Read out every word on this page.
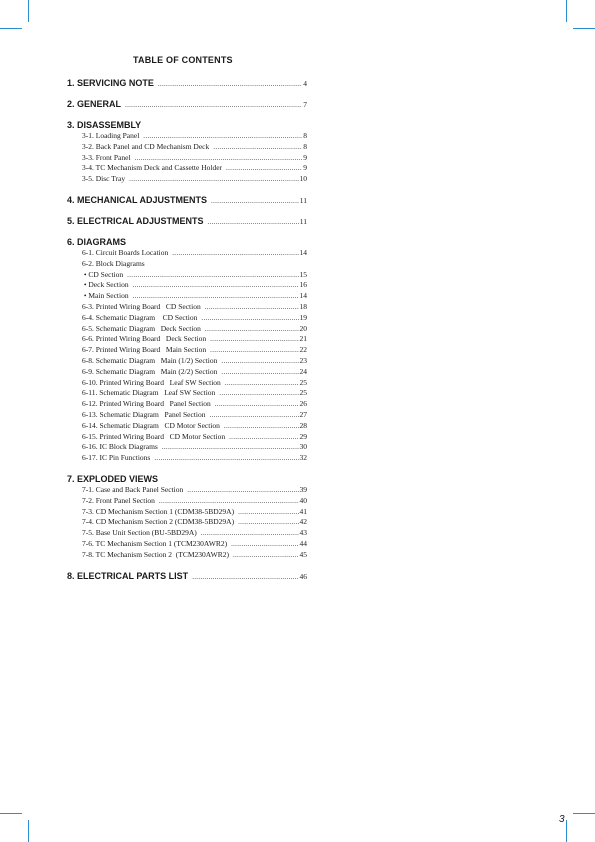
TABLE OF CONTENTS
1. SERVICING NOTE .....	4
2. GENERAL .....	7
3. DISASSEMBLY
3-1. Loading Panel .....	8
3-2. Back Panel and CD Mechanism Deck .....	8
3-3. Front Panel .....	9
3-4. TC Mechanism Deck and Cassette Holder .....	9
3-5. Disc Tray .....	10
4. MECHANICAL ADJUSTMENTS .....	11
5. ELECTRICAL ADJUSTMENTS .....	11
6. DIAGRAMS
6-1. Circuit Boards Location .....	14
6-2. Block Diagrams
• CD Section .....	15
• Deck Section .....	16
• Main Section .....	14
6-3. Printed Wiring Board   CD Section .....	18
6-4. Schematic Diagram    CD Section .....	19
6-5. Schematic Diagram   Deck Section .....	20
6-6. Printed Wiring Board   Deck Section .....	21
6-7. Printed Wiring Board   Main Section .....	22
6-8. Schematic Diagram   Main (1/2) Section .....	23
6-9. Schematic Diagram   Main (2/2) Section .....	24
6-10. Printed Wiring Board   Leaf SW Section .....	25
6-11. Schematic Diagram   Leaf SW Section .....	25
6-12. Printed Wiring Board   Panel Section .....	26
6-13. Schematic Diagram   Panel Section .....	27
6-14. Schematic Diagram   CD Motor Section .....	28
6-15. Printed Wiring Board   CD Motor Section .....	29
6-16. IC Block Diagrams .....	30
6-17. IC Pin Functions .....	32
7. EXPLODED VIEWS
7-1. Case and Back Panel Section .....	39
7-2. Front Panel Section .....	40
7-3. CD Mechanism Section 1 (CDM38-5BD29A) .....	41
7-4. CD Mechanism Section 2 (CDM38-5BD29A) .....	42
7-5. Base Unit Section (BU-5BD29A) .....	43
7-6. TC Mechanism Section 1 (TCM230AWR2) .....	44
7-8. TC Mechanism Section 2  (TCM230AWR2) .....	45
8. ELECTRICAL PARTS LIST .....	46
3
